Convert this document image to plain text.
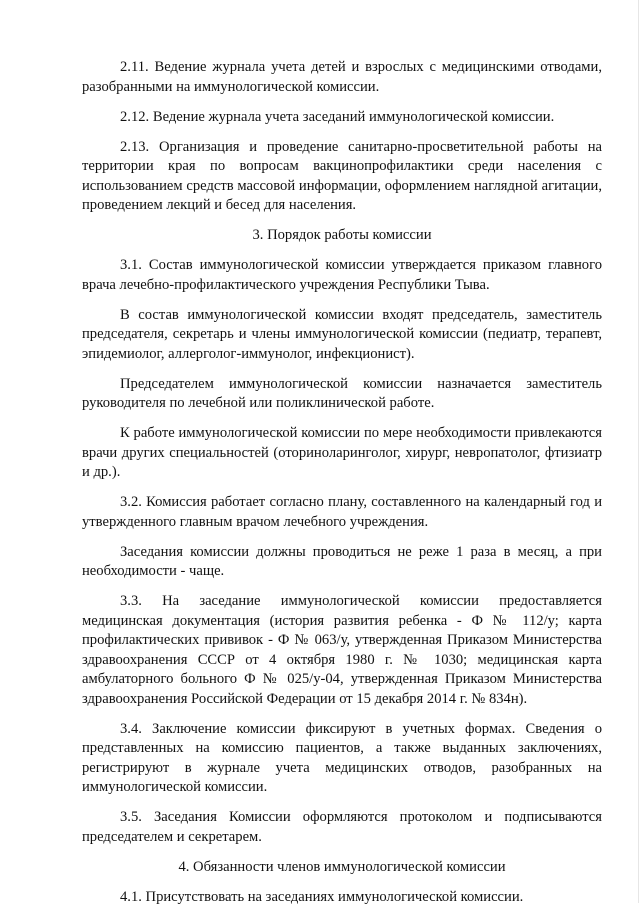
2.11. Ведение журнала учета детей и взрослых с медицинскими отводами, разобранными на иммунологической комиссии.

2.12. Ведение журнала учета заседаний иммунологической комиссии.

2.13. Организация и проведение санитарно-просветительной работы на территории края по вопросам вакцинопрофилактики среди населения с использованием средств массовой информации, оформлением наглядной агитации, проведением лекций и бесед для населения.

3. Порядок работы комиссии

3.1. Состав иммунологической комиссии утверждается приказом главного врача лечебно-профилактического учреждения Республики Тыва.

В состав иммунологической комиссии входят председатель, заместитель председателя, секретарь и члены иммунологической комиссии (педиатр, терапевт, эпидемиолог, аллерголог-иммунолог, инфекционист).

Председателем иммунологической комиссии назначается заместитель руководителя по лечебной или поликлинической работе.

К работе иммунологической комиссии по мере необходимости привлекаются врачи других специальностей (оториноларинголог, хирург, невропатолог, фтизиатр и др.).

3.2. Комиссия работает согласно плану, составленного на календарный год и утвержденного главным врачом лечебного учреждения.

Заседания комиссии должны проводиться не реже 1 раза в месяц, а при необходимости - чаще.

3.3. На заседание иммунологической комиссии предоставляется медицинская документация (история развития ребенка - Ф № 112/у; карта профилактических прививок - Ф № 063/у, утвержденная Приказом Министерства здравоохранения СССР от 4 октября 1980 г. № 1030; медицинская карта амбулаторного больного Ф № 025/у-04, утвержденная Приказом Министерства здравоохранения Российской Федерации от 15 декабря 2014 г. № 834н).

3.4. Заключение комиссии фиксируют в учетных формах. Сведения о представленных на комиссию пациентов, а также выданных заключениях, регистрируют в журнале учета медицинских отводов, разобранных на иммунологической комиссии.

3.5. Заседания Комиссии оформляются протоколом и подписываются председателем и секретарем.

4. Обязанности членов иммунологической комиссии

4.1. Присутствовать на заседаниях иммунологической комиссии.
